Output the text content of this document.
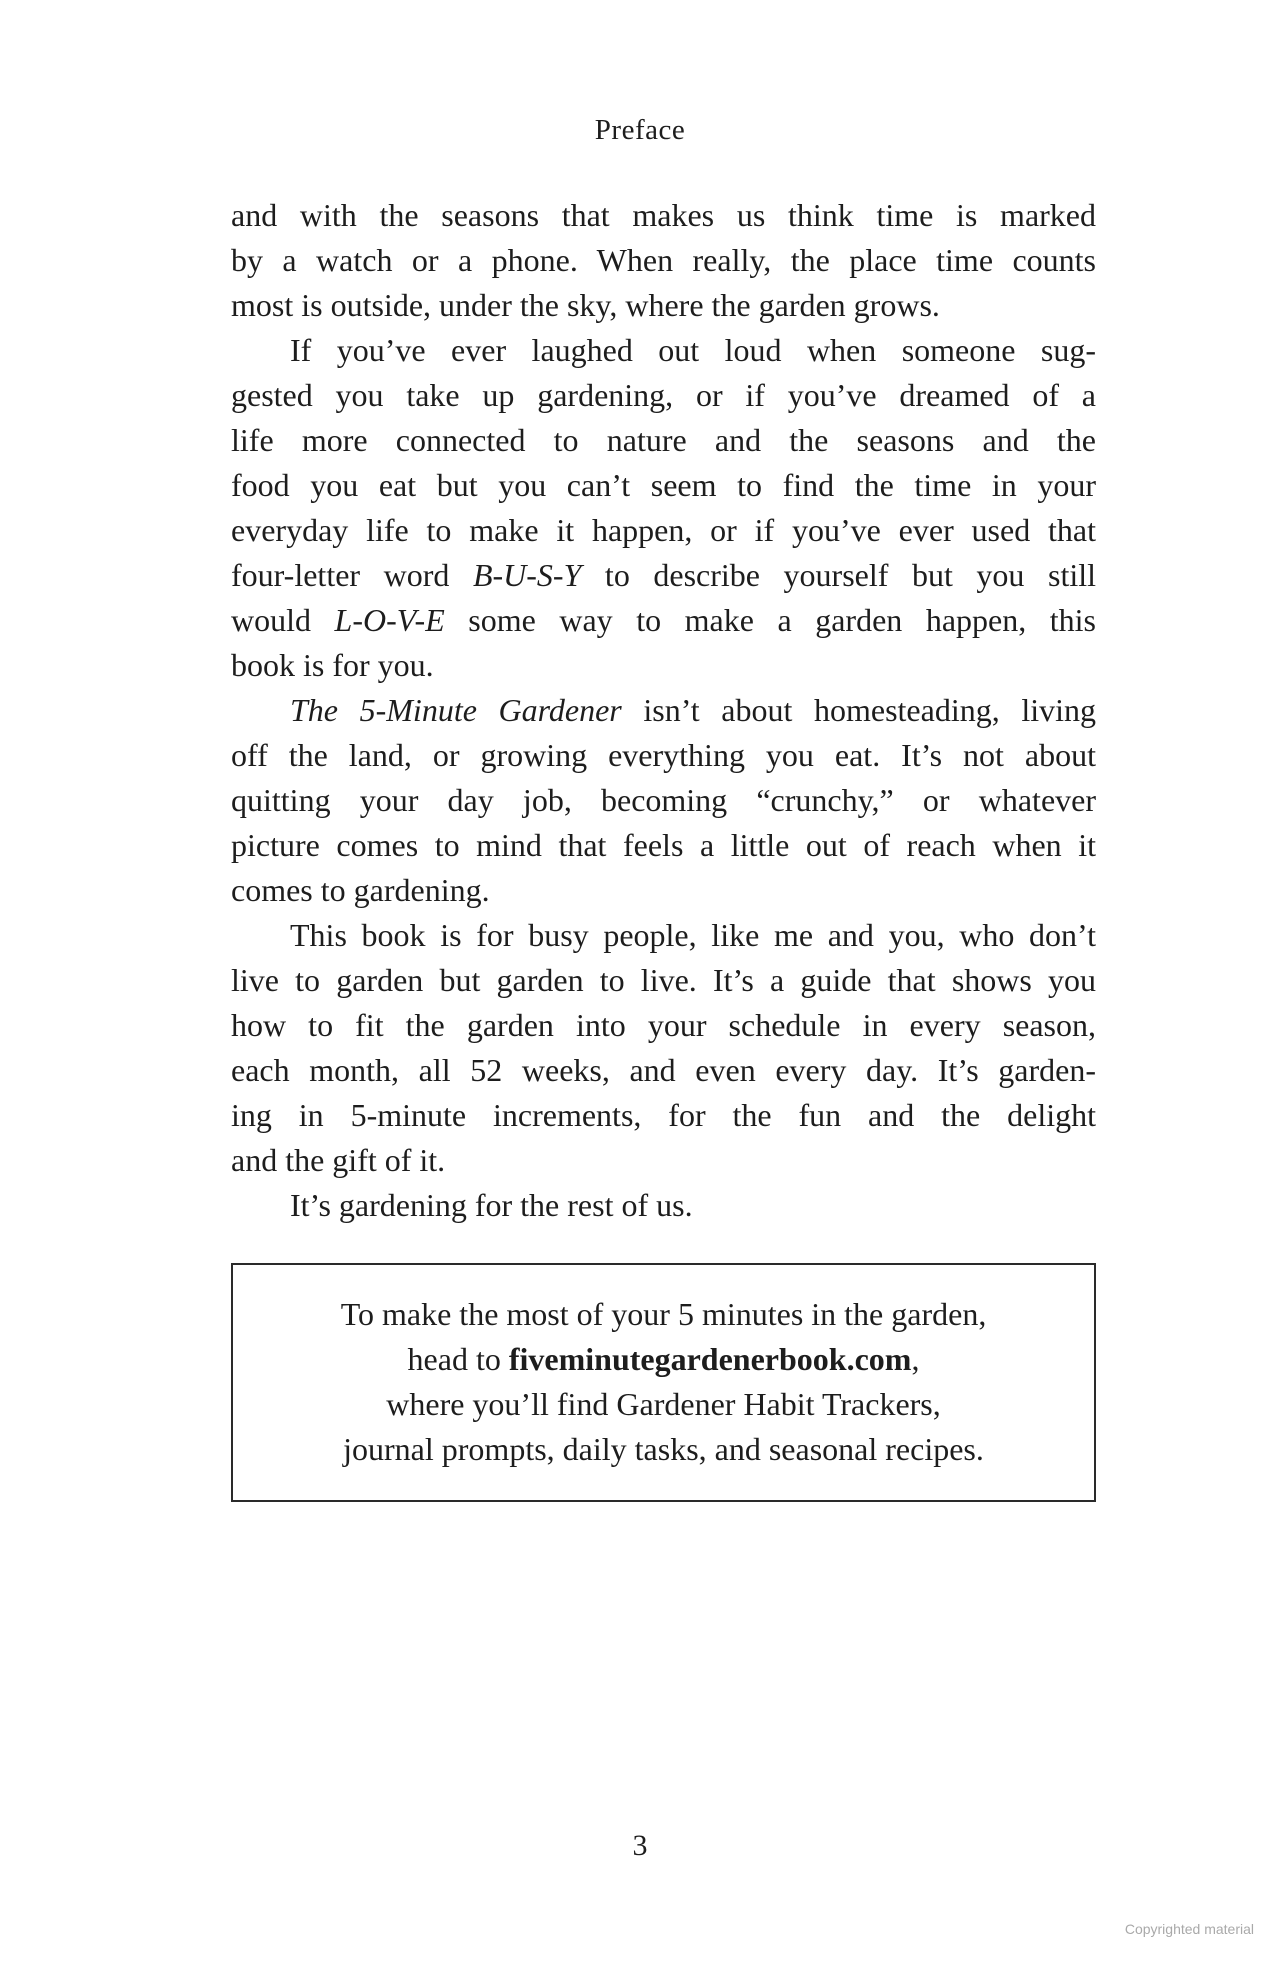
Preface
and with the seasons that makes us think time is marked
by a watch or a phone. When really, the place time counts
most is outside, under the sky, where the garden grows.
If you’ve ever laughed out loud when someone sug-
gested you take up gardening, or if you’ve dreamed of a
life more connected to nature and the seasons and the
food you eat but you can’t seem to find the time in your
everyday life to make it happen, or if you’ve ever used that
four-letter word B-U-S-Y to describe yourself but you still
would L-O-V-E some way to make a garden happen, this
book is for you.
The 5-Minute Gardener isn’t about homesteading, living
off the land, or growing everything you eat. It’s not about
quitting your day job, becoming “crunchy,” or whatever
picture comes to mind that feels a little out of reach when it
comes to gardening.
This book is for busy people, like me and you, who don’t
live to garden but garden to live. It’s a guide that shows you
how to fit the garden into your schedule in every season,
each month, all 52 weeks, and even every day. It’s garden-
ing in 5-minute increments, for the fun and the delight
and the gift of it.
It’s gardening for the rest of us.
To make the most of your 5 minutes in the garden,
head to fiveminutegardenerbook.com,
where you’ll find Gardener Habit Trackers,
journal prompts, daily tasks, and seasonal recipes.
3
Copyrighted material
